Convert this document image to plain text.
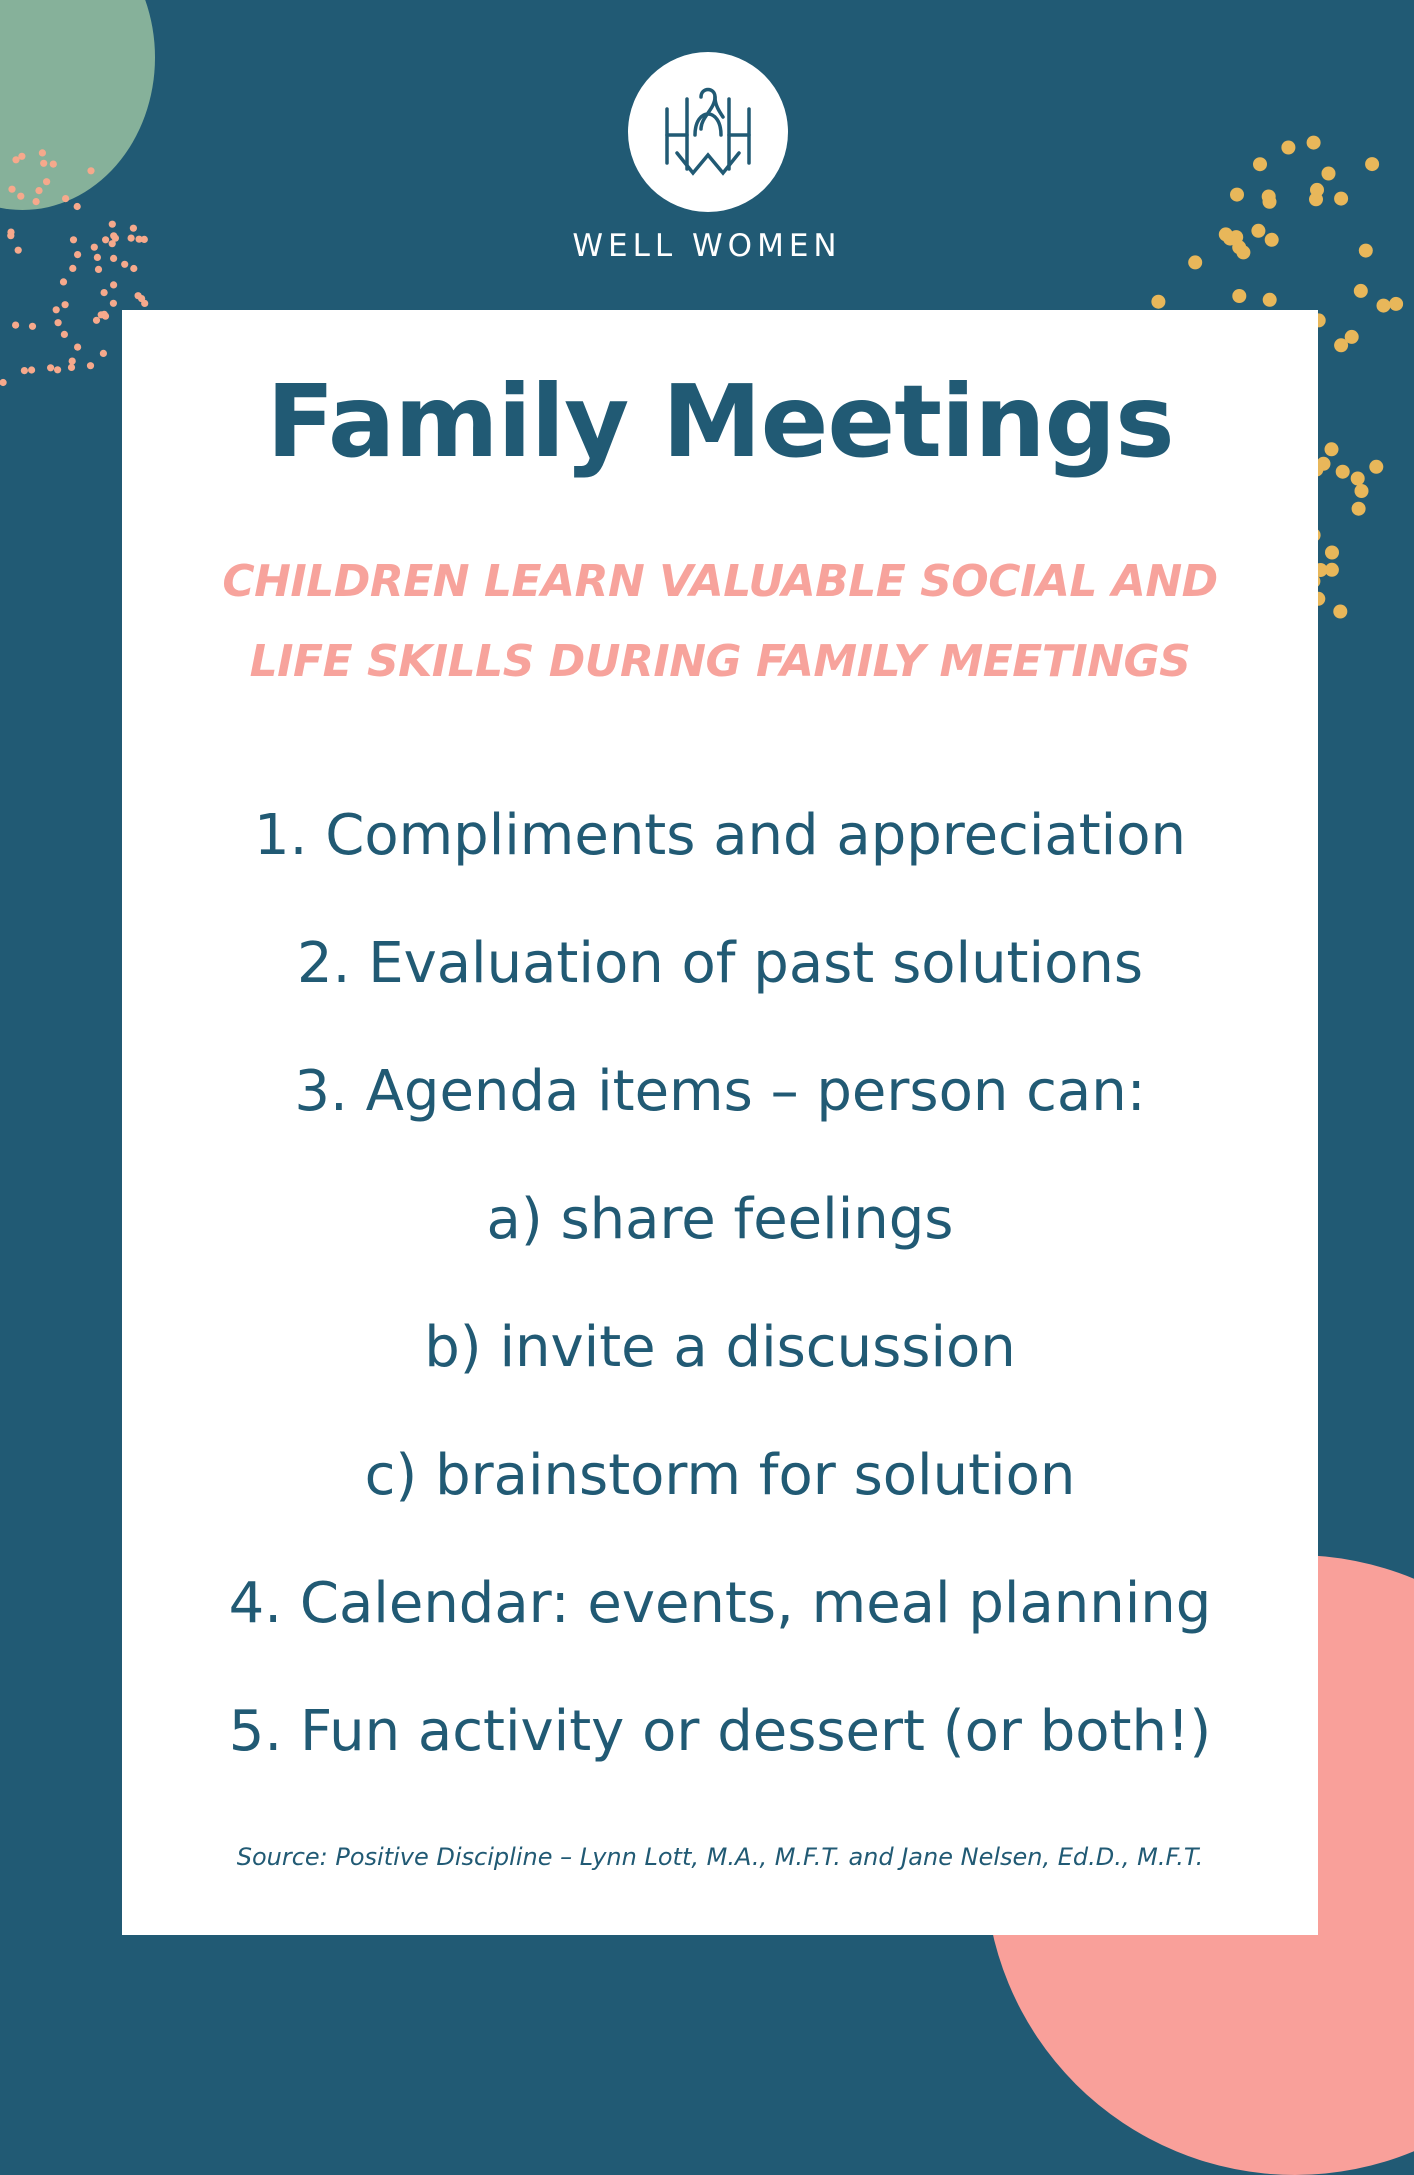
WELL WOMEN
Family Meetings
CHILDREN LEARN VALUABLE SOCIAL AND
LIFE SKILLS DURING FAMILY MEETINGS
1. Compliments and appreciation
2. Evaluation of past solutions
3. Agenda items – person can:
a) share feelings
b) invite a discussion
c) brainstorm for solution
4. Calendar: events, meal planning
5. Fun activity or dessert (or both!)
Source: Positive Discipline – Lynn Lott, M.A., M.F.T. and Jane Nelsen, Ed.D., M.F.T.
